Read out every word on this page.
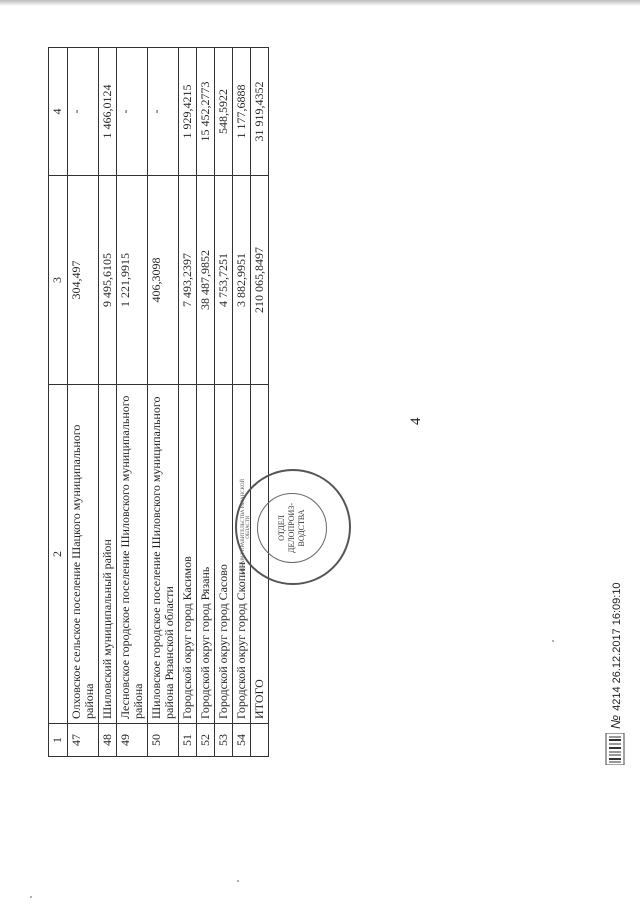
1	2	3	4
47	Олховское сельское поселение Шацкого муниципального района	304,497	-
48	Шиловский муниципальный район	9 495,6105	1 466,0124
49	Лесновское городское поселение Шиловского муниципального района	1 221,9915	-
50	Шиловское городское поселение Шиловского муниципального района Рязанской области	406,3098	-
51	Городской округ город Касимов	7 493,2397	1 929,4215
52	Городской округ город Рязань	38 487,9852	15 452,2773
53	Городской округ город Сасово	4 753,7251	548,5922
54	Городской округ город Скопин	3 882,9951	1 177,6888
	ИТОГО	210 065,8497	31 919,4352
4
АППАРАТ ПРАВИТЕЛЬСТВА РЯЗАНСКОЙ ОБЛАСТИ	ОТДЕЛ ДЕЛОПРОИЗ- ВОДСТВА
№4214 26.12.2017 16:09:10
